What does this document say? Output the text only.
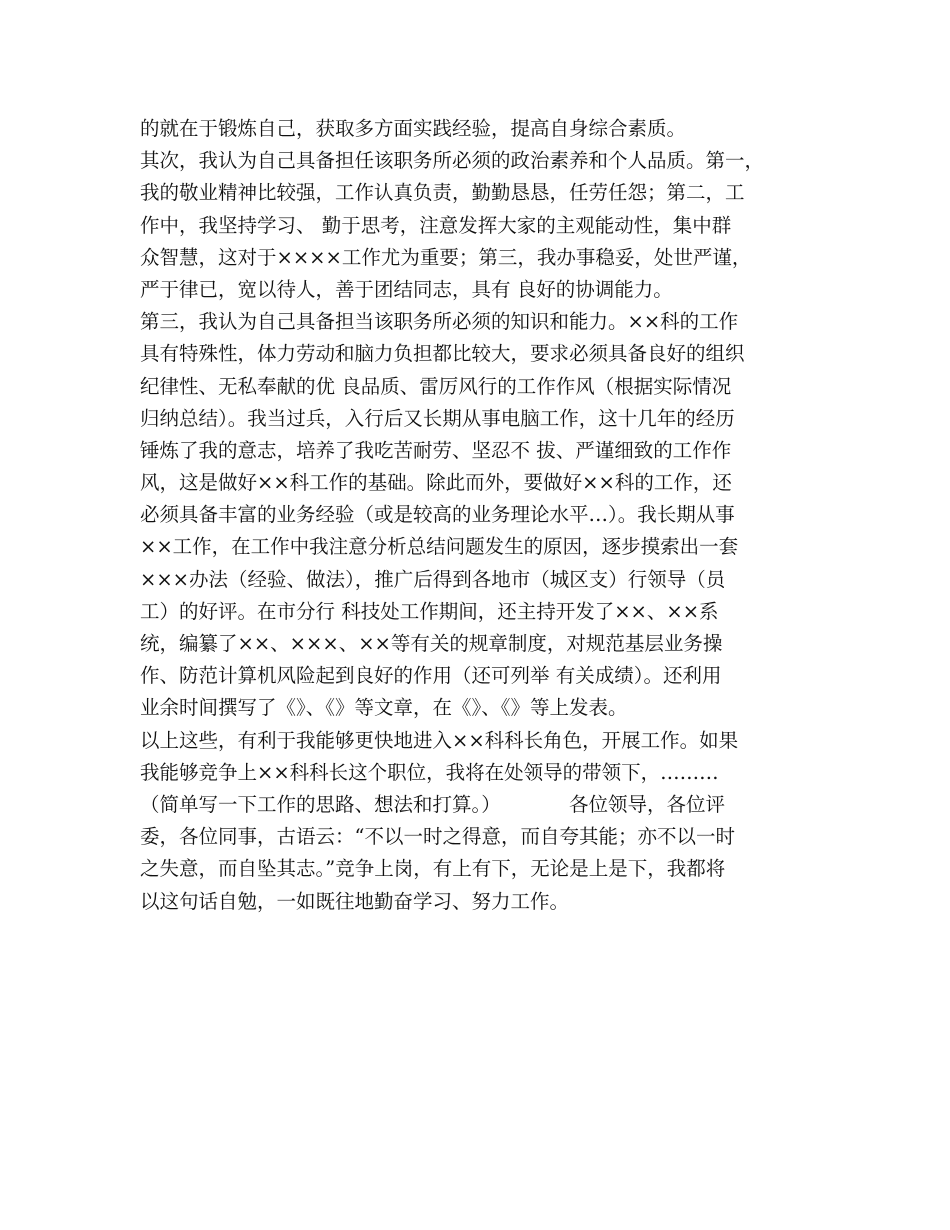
的就在于锻炼自己，获取多方面实践经验，提高自身综合素质。
其次，我认为自己具备担任该职务所必须的政治素养和个人品质。第一，
我的敬业精神比较强，工作认真负责，勤勤恳恳，任劳任怨；第二，工
作中，我坚持学习、 勤于思考，注意发挥大家的主观能动性，集中群
众智慧，这对于××××工作尤为重要；第三，我办事稳妥，处世严谨，
严于律已，宽以待人，善于团结同志，具有 良好的协调能力。
第三，我认为自己具备担当该职务所必须的知识和能力。××科的工作
具有特殊性，体力劳动和脑力负担都比较大，要求必须具备良好的组织
纪律性、无私奉献的优 良品质、雷厉风行的工作作风（根据实际情况
归纳总结）。我当过兵，入行后又长期从事电脑工作，这十几年的经历
锤炼了我的意志，培养了我吃苦耐劳、坚忍不 拔、严谨细致的工作作
风，这是做好××科工作的基础。除此而外，要做好××科的工作，还
必须具备丰富的业务经验（或是较高的业务理论水平…）。我长期从事
××工作，在工作中我注意分析总结问题发生的原因，逐步摸索出一套
×××办法（经验、做法），推广后得到各地市（城区支）行领导（员
工）的好评。在市分行 科技处工作期间，还主持开发了××、××系
统，编纂了××、×××、××等有关的规章制度，对规范基层业务操
作、防范计算机风险起到良好的作用（还可列举 有关成绩）。还利用
业余时间撰写了《》、《》等文章，在《》、《》等上发表。
以上这些，有利于我能够更快地进入××科科长角色，开展工作。如果
我能够竞争上××科科长这个职位，我将在处领导的带领下，………
（简单写一下工作的思路、想法和打算。）　　　　各位领导，各位评
委，各位同事，古语云：“不以一时之得意，而自夸其能；亦不以一时
之失意，而自坠其志。”竞争上岗，有上有下，无论是上是下，我都将
以这句话自勉，一如既往地勤奋学习、努力工作。
